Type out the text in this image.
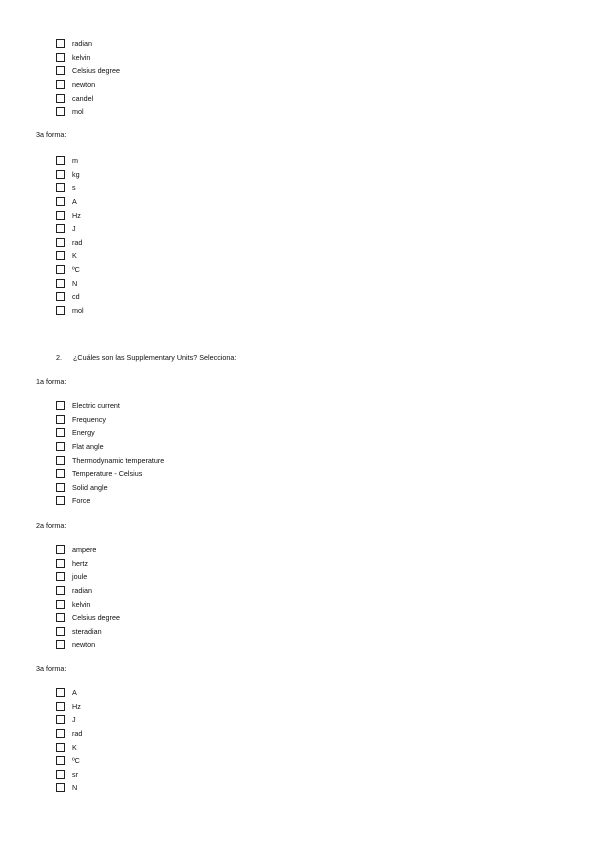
radian
kelvin
Celsius degree
newton
candel
mol
3a forma:
m
kg
s
A
Hz
J
rad
K
ºC
N
cd
mol
2. ¿Cuáles son las Supplementary Units? Selecciona:
1a forma:
Electric current
Frequency
Energy
Flat angle
Thermodynamic temperature
Temperature - Celsius
Solid angle
Force
2a forma:
ampere
hertz
joule
radian
kelvin
Celsius degree
steradian
newton
3a forma:
A
Hz
J
rad
K
ºC
sr
N
